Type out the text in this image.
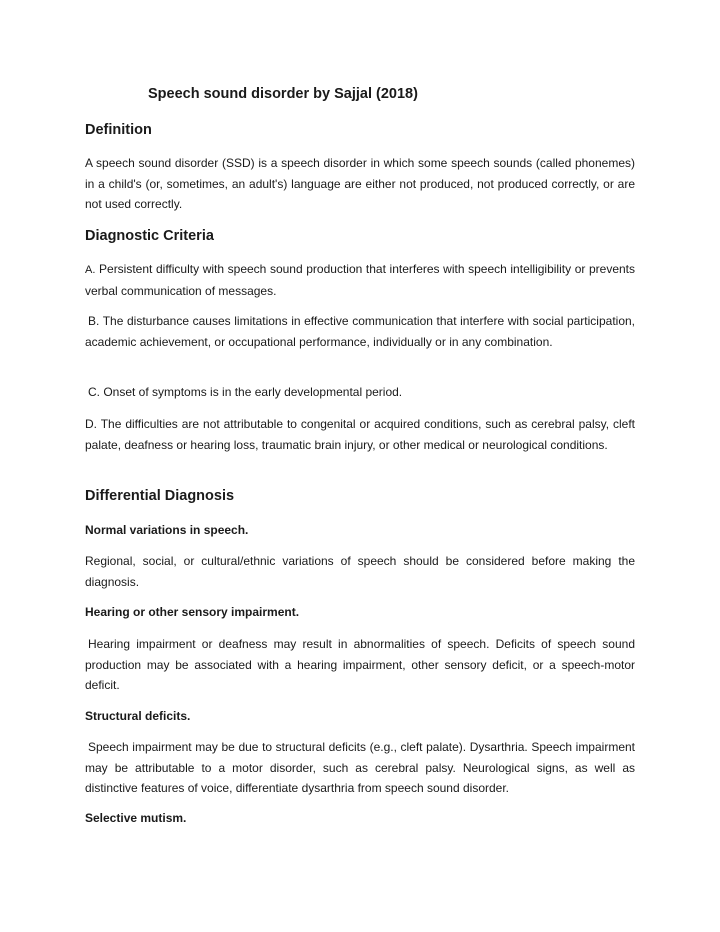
Speech sound disorder by Sajjal (2018)
Definition

A speech sound disorder (SSD) is a speech disorder in which some speech sounds (called phonemes) in a child's (or, sometimes, an adult's) language are either not produced, not produced correctly, or are not used correctly.

Diagnostic Criteria

A. Persistent difficulty with speech sound production that interferes with speech intelligibility or prevents verbal communication of messages.

B. The disturbance causes limitations in effective communication that interfere with social participation, academic achievement, or occupational performance, individually or in any combination.

C. Onset of symptoms is in the early developmental period.

D. The difficulties are not attributable to congenital or acquired conditions, such as cerebral palsy, cleft palate, deafness or hearing loss, traumatic brain injury, or other medical or neurological conditions.

Differential Diagnosis
Normal variations in speech.

Regional, social, or cultural/ethnic variations of speech should be considered before making the diagnosis.

Hearing or other sensory impairment.

Hearing impairment or deafness may result in abnormalities of speech. Deficits of speech sound production may be associated with a hearing impairment, other sensory deficit, or a speech-motor deficit.

Structural deficits.

Speech impairment may be due to structural deficits (e.g., cleft palate). Dysarthria. Speech impairment may be attributable to a motor disorder, such as cerebral palsy. Neurological signs, as well as distinctive features of voice, differentiate dysarthria from speech sound disorder.

Selective mutism.
